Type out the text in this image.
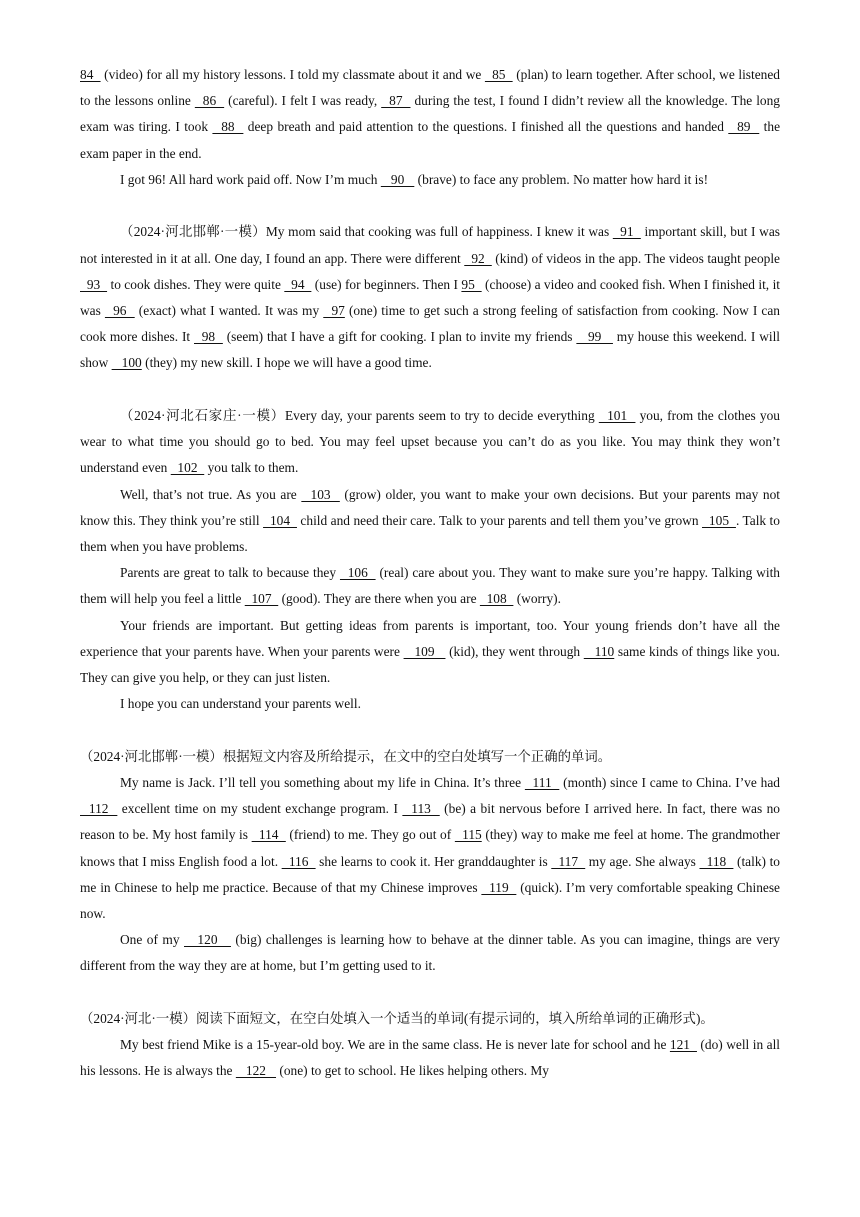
84   (video) for all my history lessons. I told my classmate about it and we   85   (plan) to learn together. After school, we listened to the lessons online   86   (careful). I felt I was ready,   87   during the test, I found I didn’t review all the knowledge. The long exam was tiring. I took   88   deep breath and paid attention to the questions. I finished all the questions and handed   89   the exam paper in the end.

I got 96! All hard work paid off. Now I’m much    90    (brave) to face any problem. No matter how hard it is!

（2024·河北邯郸·一模）My mom said that cooking was full of happiness. I knew it was   91   important skill, but I was not interested in it at all. One day, I found an app. There were different   92   (kind) of videos in the app. The videos taught people   93   to cook dishes. They were quite   94   (use) for beginners. Then I 95   (choose) a video and cooked fish. When I finished it, it was   96   (exact) what I wanted. It was my   97 (one) time to get such a strong feeling of satisfaction from cooking. Now I can cook more dishes. It   98   (seem) that I have a gift for cooking. I plan to invite my friends    99    my house this weekend. I will show    100 (they) my new skill. I hope we will have a good time.

（2024·河北石家庄·一模）Every day, your parents seem to try to decide everything   101   you, from the clothes you wear to what time you should go to bed. You may feel upset because you can’t do as you like. You may think they won’t understand even   102   you talk to them.

Well, that’s not true. As you are   103   (grow) older, you want to make your own decisions. But your parents may not know this. They think you’re still   104   child and need their care. Talk to your parents and tell them you’ve grown   105  . Talk to them when you have problems.

Parents are great to talk to because they   106   (real) care about you. They want to make sure you’re happy. Talking with them will help you feel a little   107   (good). They are there when you are   108   (worry).

Your friends are important. But getting ideas from parents is important, too. Your young friends don’t have all the experience that your parents have. When your parents were    109    (kid), they went through    110 same kinds of things like you. They can give you help, or they can just listen.

I hope you can understand your parents well.

（2024·河北邯郸·一模）根据短文内容及所给提示，在文中的空白处填写一个正确的单词。

My name is Jack. I’ll tell you something about my life in China. It’s three   111   (month) since I came to China. I’ve had   112   excellent time on my student exchange program. I   113   (be) a bit nervous before I arrived here. In fact, there was no reason to be. My host family is   114   (friend) to me. They go out of   115 (they) way to make me feel at home. The grandmother knows that I miss English food a lot.   116   she learns to cook it. Her granddaughter is   117   my age. She always   118   (talk) to me in Chinese to help me practice. Because of that my Chinese improves   119   (quick). I’m very comfortable speaking Chinese now.

One of my    120    (big) challenges is learning how to behave at the dinner table. As you can imagine, things are very different from the way they are at home, but I’m getting used to it.

（2024·河北·一模）阅读下面短文，在空白处填入一个适当的单词(有提示词的，填入所给单词的正确形式)。

My best friend Mike is a 15-year-old boy. We are in the same class. He is never late for school and he 121   (do) well in all his lessons. He is always the    122    (one) to get to school. He likes helping others. My
